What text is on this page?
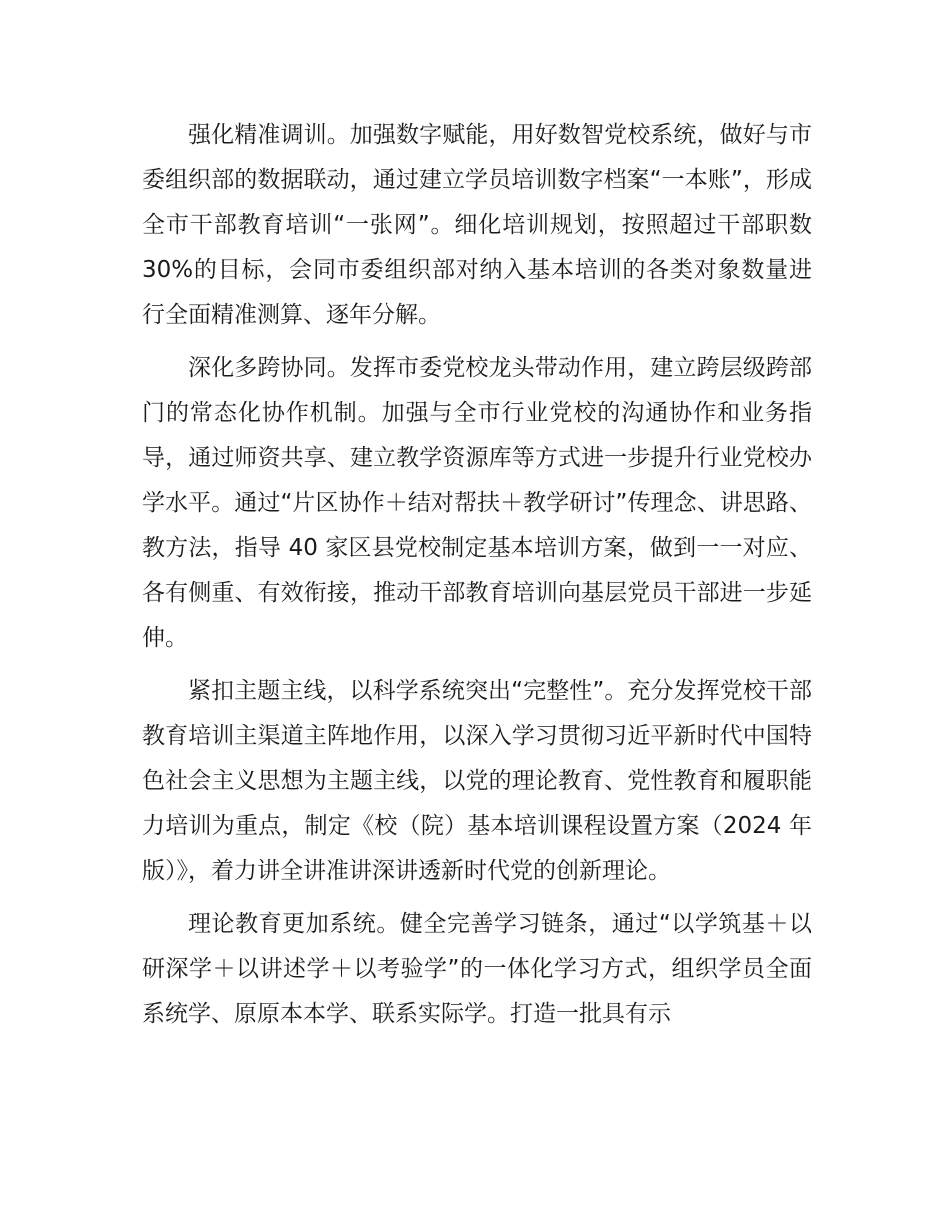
强化精准调训。加强数字赋能，用好数智党校系统，做好与市委组织部的数据联动，通过建立学员培训数字档案“一本账”，形成全市干部教育培训“一张网”。细化培训规划，按照超过干部职数 30%的目标，会同市委组织部对纳入基本培训的各类对象数量进行全面精准测算、逐年分解。

深化多跨协同。发挥市委党校龙头带动作用，建立跨层级跨部门的常态化协作机制。加强与全市行业党校的沟通协作和业务指导，通过师资共享、建立教学资源库等方式进一步提升行业党校办学水平。通过“片区协作＋结对帮扶＋教学研讨”传理念、讲思路、教方法，指导 40 家区县党校制定基本培训方案，做到一一对应、各有侧重、有效衔接，推动干部教育培训向基层党员干部进一步延伸。

紧扣主题主线，以科学系统突出“完整性”。充分发挥党校干部教育培训主渠道主阵地作用，以深入学习贯彻习近平新时代中国特色社会主义思想为主题主线，以党的理论教育、党性教育和履职能力培训为重点，制定《校（院）基本培训课程设置方案（2024 年版）》，着力讲全讲准讲深讲透新时代党的创新理论。

理论教育更加系统。健全完善学习链条，通过“以学筑基＋以研深学＋以讲述学＋以考验学”的一体化学习方式，组织学员全面系统学、原原本本学、联系实际学。打造一批具有示
